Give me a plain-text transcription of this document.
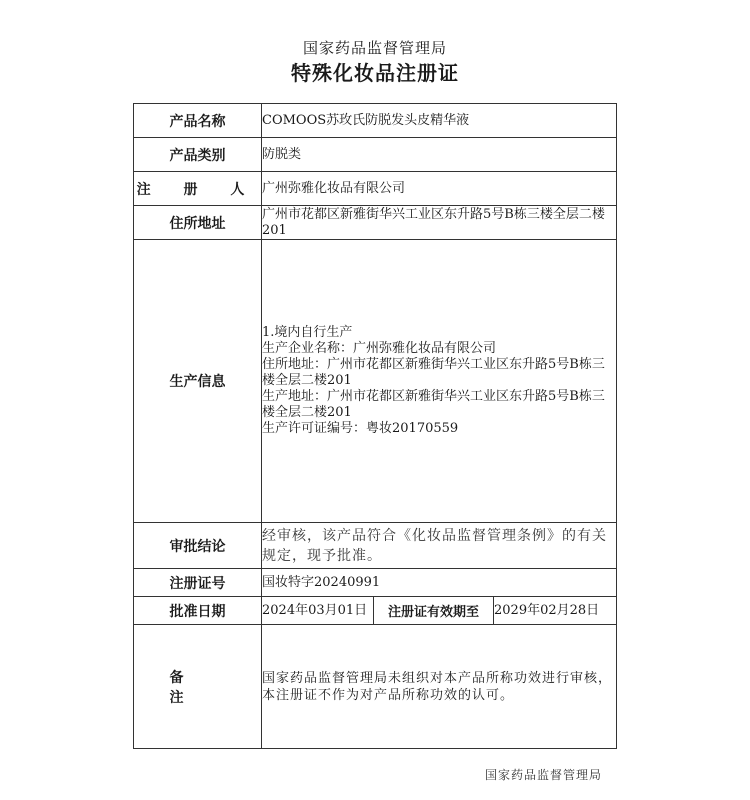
国家药品监督管理局
特殊化妆品注册证
产品名称	COMOOS苏玫氏防脱发头皮精华液		
产品类别	防脱类		
注 册 人	广州弥雅化妆品有限公司		
住所地址	广州市花都区新雅街华兴工业区东升路5号B栋三楼全层二楼201		
生产信息	1.境内自行生产
生产企业名称：广州弥雅化妆品有限公司
住所地址：广州市花都区新雅街华兴工业区东升路5号B栋三楼全层二楼201
生产地址：广州市花都区新雅街华兴工业区东升路5号B栋三楼全层二楼201
生产许可证编号：粤妆20170559		

审批结论	经审核，该产品符合《化妆品监督管理条例》的有关规定，现予批准。		
注册证号	国妆特字20240991		
批准日期	2024年03月01日	注册证有效期至	2029年02月28日
备 注	国家药品监督管理局未组织对本产品所称功效进行审核，本注册证不作为对产品所称功效的认可。		
国家药品监督管理局
